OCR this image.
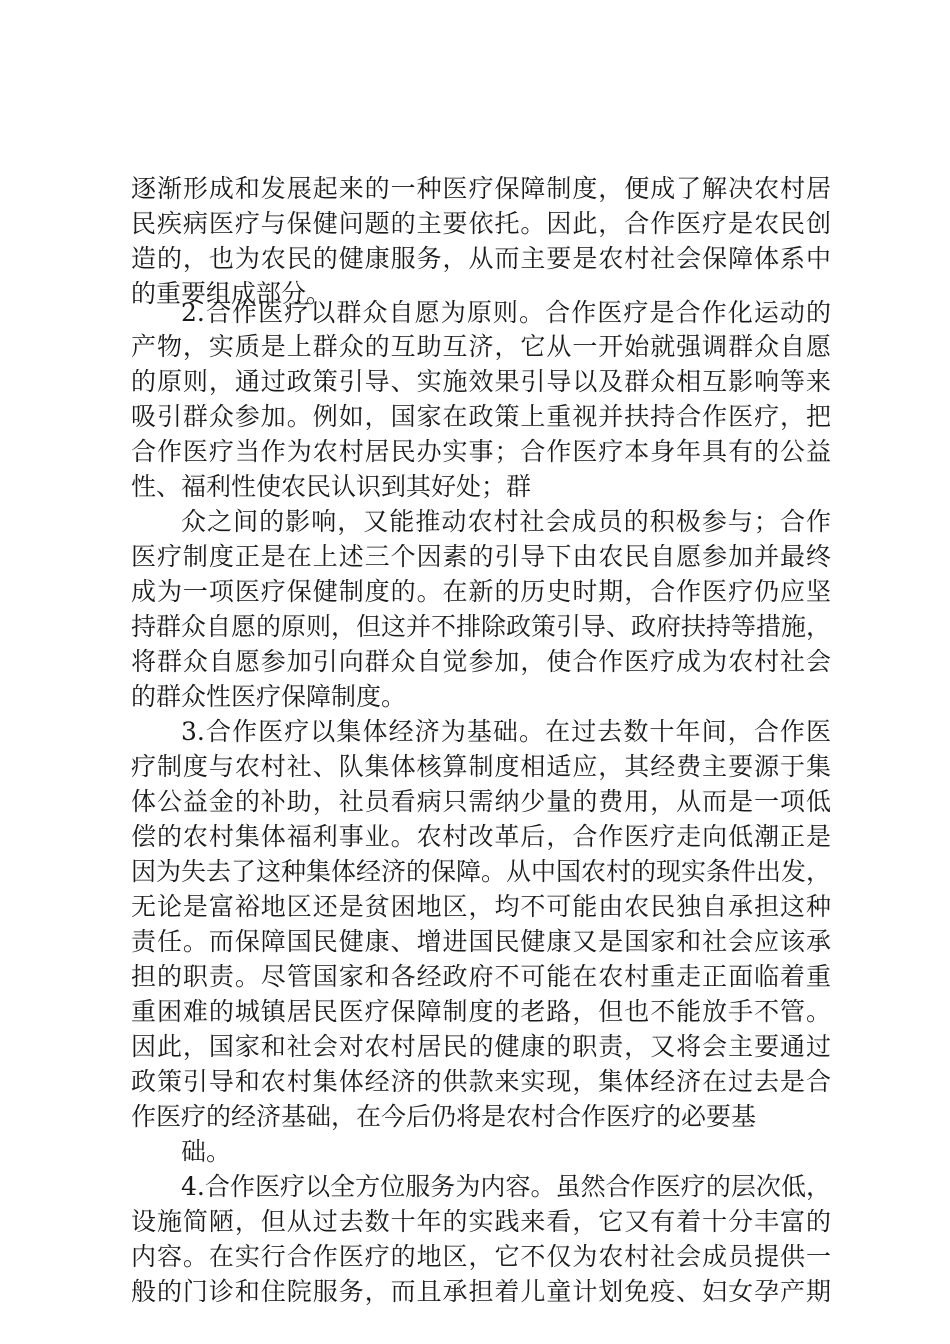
逐渐形成和发展起来的一种医疗保障制度，便成了解决农村居
民疾病医疗与保健问题的主要依托。因此，合作医疗是农民创
造的，也为农民的健康服务，从而主要是农村社会保障体系中
的重要组成部分。
2.合作医疗以群众自愿为原则。合作医疗是合作化运动的
产物，实质是上群众的互助互济，它从一开始就强调群众自愿
的原则，通过政策引导、实施效果引导以及群众相互影响等来
吸引群众参加。例如，国家在政策上重视并扶持合作医疗，把
合作医疗当作为农村居民办实事；合作医疗本身年具有的公益
性、福利性使农民认识到其好处；群
众之间的影响，又能推动农村社会成员的积极参与；合作
医疗制度正是在上述三个因素的引导下由农民自愿参加并最终
成为一项医疗保健制度的。在新的历史时期，合作医疗仍应坚
持群众自愿的原则，但这并不排除政策引导、政府扶持等措施，
将群众自愿参加引向群众自觉参加，使合作医疗成为农村社会
的群众性医疗保障制度。
3.合作医疗以集体经济为基础。在过去数十年间，合作医
疗制度与农村社、队集体核算制度相适应，其经费主要源于集
体公益金的补助，社员看病只需纳少量的费用，从而是一项低
偿的农村集体福利事业。农村改革后，合作医疗走向低潮正是
因为失去了这种集体经济的保障。从中国农村的现实条件出发，
无论是富裕地区还是贫困地区，均不可能由农民独自承担这种
责任。而保障国民健康、增进国民健康又是国家和社会应该承
担的职责。尽管国家和各经政府不可能在农村重走正面临着重
重困难的城镇居民医疗保障制度的老路，但也不能放手不管。
因此，国家和社会对农村居民的健康的职责，又将会主要通过
政策引导和农村集体经济的供款来实现，集体经济在过去是合
作医疗的经济基础，在今后仍将是农村合作医疗的必要基
础。
4.合作医疗以全方位服务为内容。虽然合作医疗的层次低，
设施简陋，但从过去数十年的实践来看，它又有着十分丰富的
内容。在实行合作医疗的地区，它不仅为农村社会成员提供一
般的门诊和住院服务，而且承担着儿童计划免疫、妇女孕产期
